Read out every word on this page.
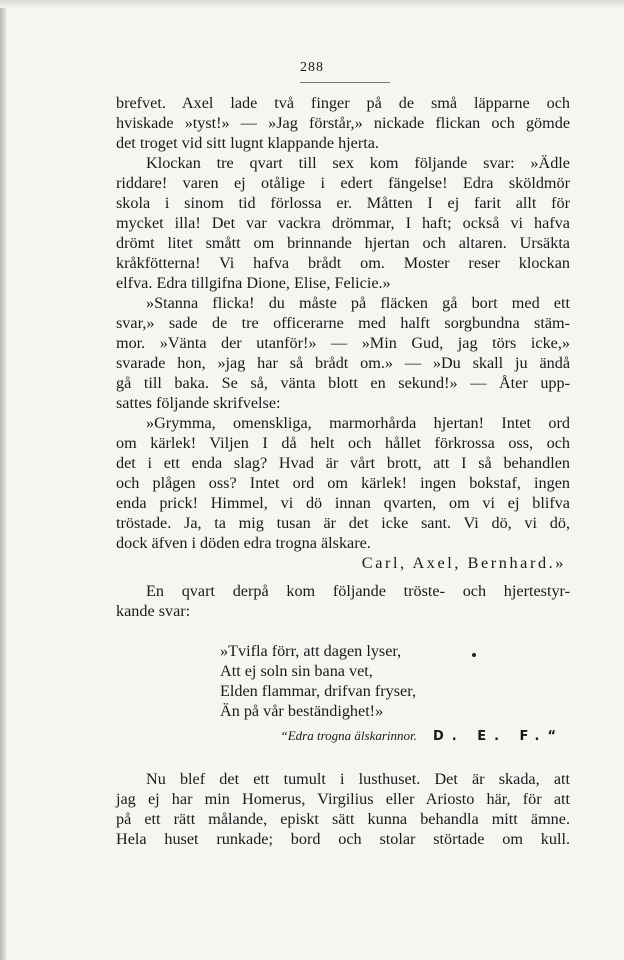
288
brefvet. Axel lade två finger på de små läpparne och
hviskade »tyst!» — »Jag förstår,» nickade flickan och gömde
det troget vid sitt lugnt klappande hjerta.
Klockan tre qvart till sex kom följande svar: »Ädle
riddare! varen ej otålige i edert fängelse! Edra sköldmör
skola i sinom tid förlossa er. Måtten I ej farit allt för
mycket illa! Det var vackra drömmar, I haft; också vi hafva
drömt litet smått om brinnande hjertan och altaren. Ursäkta
kråkfötterna! Vi hafva brådt om. Moster reser klockan
elfva. Edra tillgifna Dione, Elise, Felicie.»
»Stanna flicka! du måste på fläcken gå bort med ett
svar,» sade de tre officerarne med halft sorgbundna stäm-
mor. »Vänta der utanför!» — »Min Gud, jag törs icke,»
svarade hon, »jag har så brådt om.» — »Du skall ju ändå
gå till baka. Se så, vänta blott en sekund!» — Åter upp-
sattes följande skrifvelse:
»Grymma, omenskliga, marmorhårda hjertan! Intet ord
om kärlek! Viljen I då helt och hållet förkrossa oss, och
det i ett enda slag? Hvad är vårt brott, att I så behandlen
och plågen oss? Intet ord om kärlek! ingen bokstaf, ingen
enda prick! Himmel, vi dö innan qvarten, om vi ej blifva
tröstade. Ja, ta mig tusan är det icke sant. Vi dö, vi dö,
dock äfven i döden edra trogna älskare.
Carl, Axel, Bernhard.»
En qvart derpå kom följande tröste- och hjertestyr-
kande svar:
»Tvifla förr, att dagen lyser,
Att ej soln sin bana vet,
Elden flammar, drifvan fryser,
Än på vår beständighet!»
“Edra trogna älskarinnor. D. E. F.“
Nu blef det ett tumult i lusthuset. Det är skada, att
jag ej har min Homerus, Virgilius eller Ariosto här, för att
på ett rätt målande, episkt sätt kunna behandla mitt ämne.
Hela huset runkade; bord och stolar störtade om kull.
